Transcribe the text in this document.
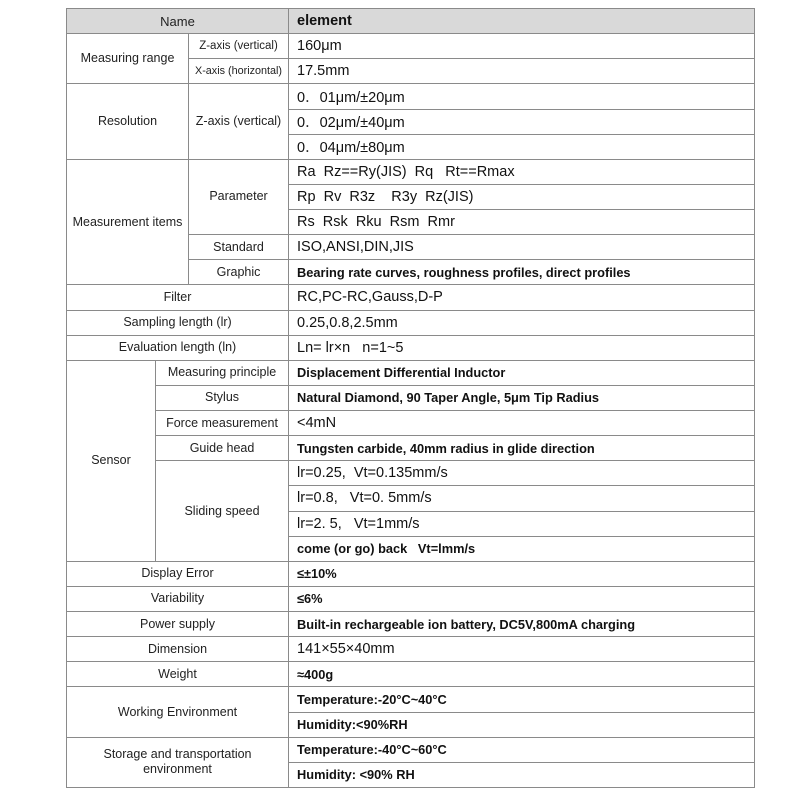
Name			element
Measuring range		Z-axis (vertical)	160μm
		X-axis (horizontal)	17.5mm
Resolution		Z-axis (vertical)	0．01μm/±20μm
			0．02μm/±40μm
			0．04μm/±80μm
Measurement items		Parameter	Ra  Rz==Ry(JIS)  Rq   Rt==Rmax
			Rp  Rv  R3z    R3y  Rz(JIS)
			Rs  Rsk  Rku  Rsm  Rmr
		Standard	ISO,ANSI,DIN,JIS
		Graphic	Bearing rate curves, roughness profiles, direct profiles
Filter			RC,PC-RC,Gauss,D-P
Sampling length (lr)			0.25,0.8,2.5mm
Evaluation length (ln)			Ln= lr×n   n=1~5
Sensor	Measuring principle		Displacement Differential Inductor
	Stylus		Natural Diamond, 90 Taper Angle, 5μm Tip Radius
	Force measurement		<4mN
	Guide head		Tungsten carbide, 40mm radius in glide direction
	Sliding speed		lr=0.25,  Vt=0.135mm/s
			lr=0.8,   Vt=0. 5mm/s
			lr=2. 5,   Vt=1mm/s
			come (or go) back   Vt=lmm/s
Display Error			≤±10%
Variability			≤6%
Power supply			Built-in rechargeable ion battery, DC5V,800mA charging
Dimension			141×55×40mm
Weight			≈400g
Working Environment			Temperature:-20°C~40°C
			Humidity:<90%RH
Storage and transportation environment			Temperature:-40°C~60°C
			Humidity: <90% RH
